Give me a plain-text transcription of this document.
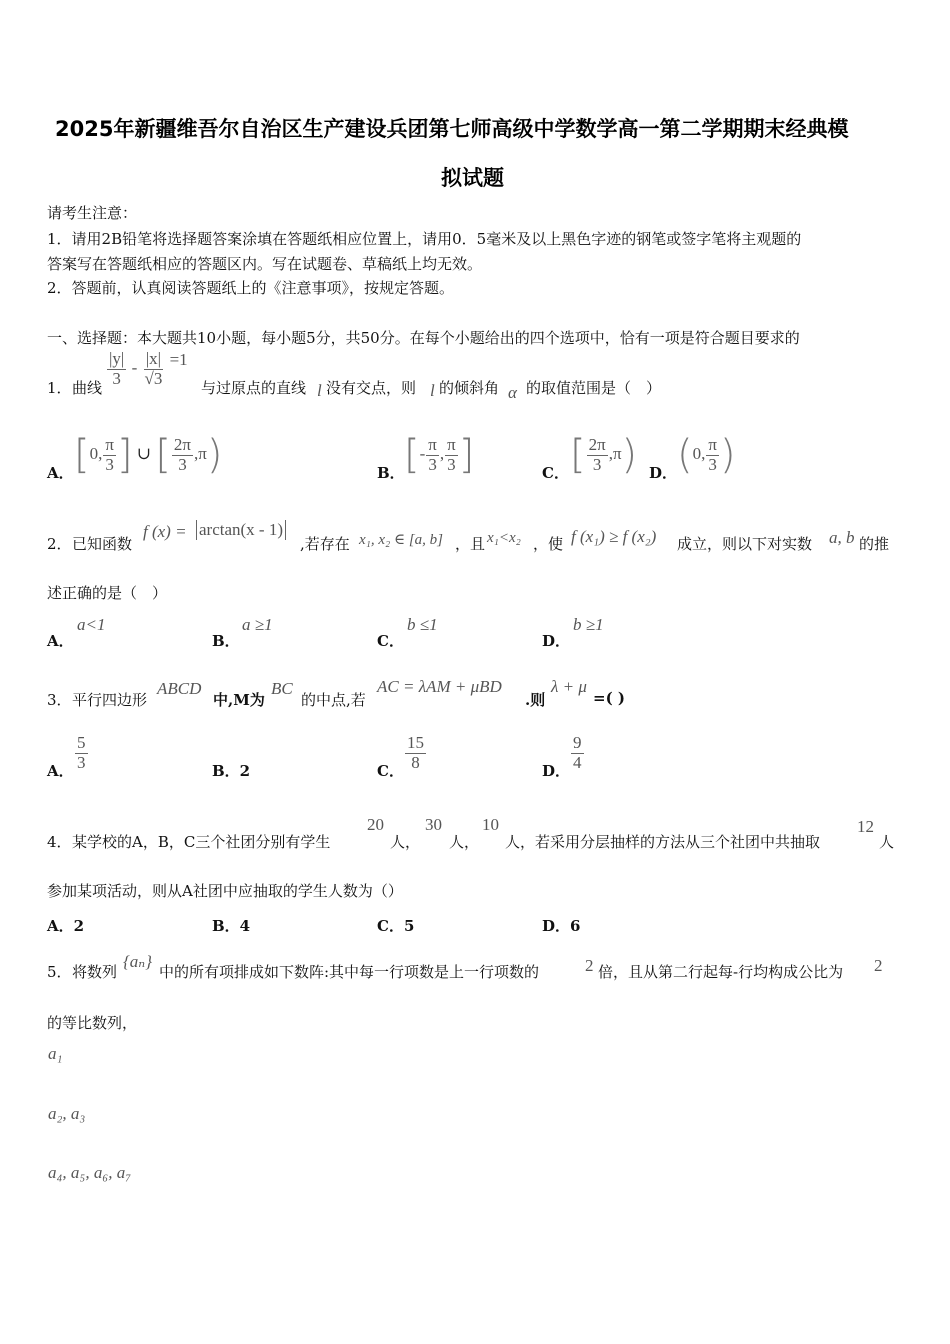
2025年新疆维吾尔自治区生产建设兵团第七师高级中学数学高一第二学期期末经典模
拟试题
请考生注意：
1．请用2B铅笔将选择题答案涂填在答题纸相应位置上，请用0．5毫米及以上黑色字迹的钢笔或签字笔将主观题的
答案写在答题纸相应的答题区内。写在试题卷、草稿纸上均无效。
2．答题前，认真阅读答题纸上的《注意事项》，按规定答题。
一、选择题：本大题共10小题，每小题5分，共50分。在每个小题给出的四个选项中，恰有一项是符合题目要求的
1． 曲线 $\frac{|y|}{3} - \frac{|x|}{√3} =1$
与过原点的直线 l 没有交点，则 l 的倾斜角 α 的取值范围是（　）
A． [0, $\frac{\pi}{3}$ ] ∪ [ $\frac{2\pi}{3} ,\pi$)	B． [- $\frac{\pi}{3}$ , $\frac{\pi}{3}$ ]	C． [ $\frac{2\pi}{3} ,\pi$) D． (0, $\frac{\pi}{3}$ )
2． 已知函数
f (x) = arctan(x - 1)
,若存在 x₁, x₂ ∈ [a, b] ，且 x₁<x₂ ，使 f (x₁) ≥ f (x₂) 成立，则以下对实数 a, b 的推
述正确的是（　）
A．
a<1
B．
a ≥1
C．
b ≤1
D．
b ≥1
3． 平行四边形
ABCD
中,M为
BC
的中点,若
AC = λAM + μBD
.则
λ + μ
=( )
A． $\frac{5}{3}$	B．2	C． $\frac{15}{8}$	D． $\frac{9}{4}$
4． 某学校的A，B，C三个社团分别有学生
20
人，
30
人，
10
人，若采用分层抽样的方法从三个社团中共抽取
12
人
参加某项活动，则从A社团中应抽取的学生人数为（）
A．2	B．4	C．5	D．6
5． 将数列
{aₙ}
中的所有项排成如下数阵:其中每一行项数是上一行项数的	2 倍，且从第二行起每-行均构成公比为 2
的等比数列，
a₁
a₂, a₃
a₄, a₅, a₆, a₇
